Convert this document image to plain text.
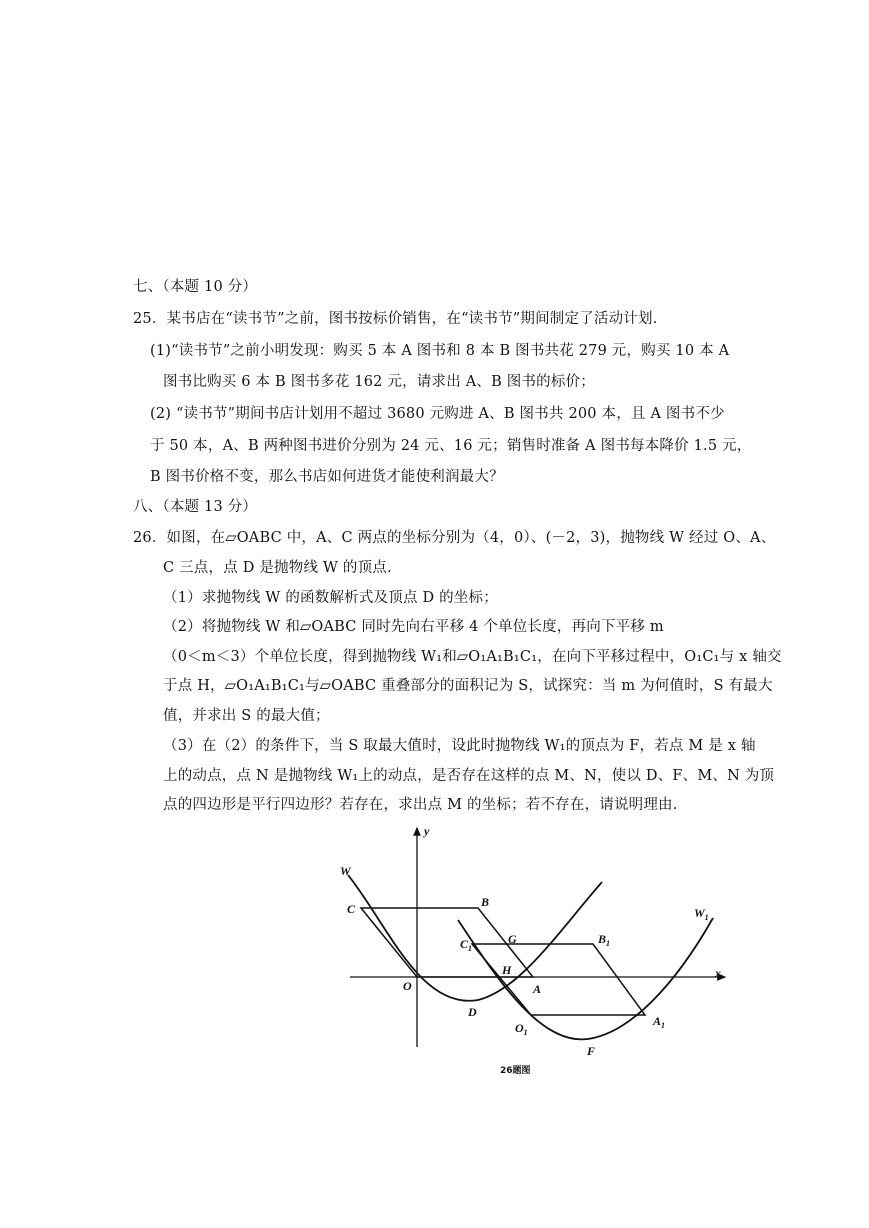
七、（本题 10 分）
25．某书店在“读书节”之前，图书按标价销售，在“读书节”期间制定了活动计划.
(1)“读书节”之前小明发现：购买 5 本 A 图书和 8 本 B 图书共花 279 元，购买 10 本 A
图书比购买 6 本 B 图书多花 162 元，请求出 A、B 图书的标价；
(2) “读书节”期间书店计划用不超过 3680 元购进 A、B 图书共 200 本，且 A 图书不少
于 50 本，A、B 两种图书进价分别为 24 元、16 元；销售时准备 A 图书每本降价 1.5 元，
B 图书价格不变，那么书店如何进货才能使利润最大？
八、（本题 13 分）
26．如图，在▱OABC 中，A、C 两点的坐标分别为（4，0）、(－2，3)，抛物线 W 经过 O、A、
C 三点，点 D 是抛物线 W 的顶点.
（1）求抛物线 W 的函数解析式及顶点 D 的坐标；
（2）将抛物线 W 和▱OABC 同时先向右平移 4 个单位长度，再向下平移 m
（0＜m＜3）个单位长度，得到抛物线 W₁和▱O₁A₁B₁C₁，在向下平移过程中，O₁C₁与 x 轴交
于点 H，▱O₁A₁B₁C₁与▱OABC 重叠部分的面积记为 S，试探究：当 m 为何值时，S 有最大
值，并求出 S 的最大值；
（3）在（2）的条件下，当 S 取最大值时，设此时抛物线 W₁的顶点为 F，若点 M 是 x 轴
上的动点，点 N 是抛物线 W₁上的动点，是否存在这样的点 M、N，使以 D、F、M、N 为顶
点的四边形是平行四边形？若存在，求出点 M 的坐标；若不存在，请说明理由.
y
x
W
$W_1$
C	B
$C_1$
G	$B_1$
H
O	A
D
$O_1$
$A_1$
F
26题图
